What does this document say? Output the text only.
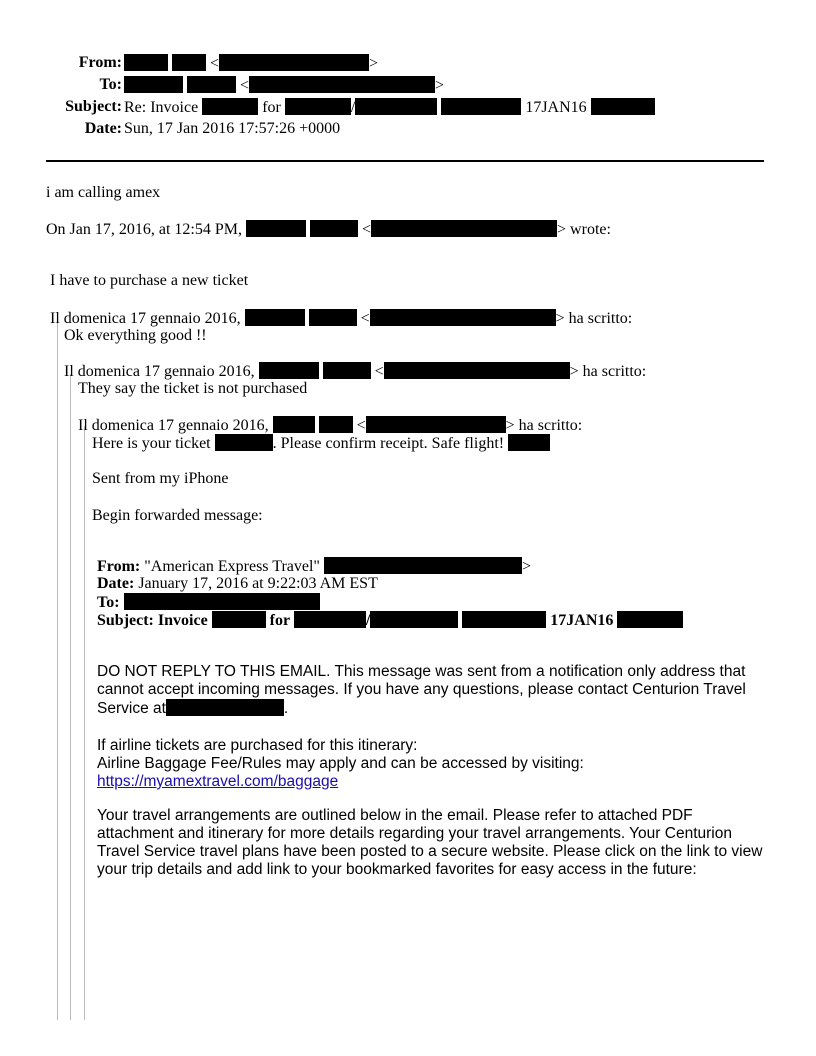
From:	<	>
To:	<	>
Subject: Re: Invoice	for	/	17JAN16
Date: Sun, 17 Jan 2016 17:57:26 +0000
i am calling amex
On Jan 17, 2016, at 12:54 PM,	<	> wrote:
I have to purchase a new ticket
Il domenica 17 gennaio 2016,	<	> ha scritto:
Ok everything good !!
Il domenica 17 gennaio 2016,	<	> ha scritto:
They say the ticket is not purchased
Il domenica 17 gennaio 2016,	<	> ha scritto:
Here is your ticket	. Please confirm receipt. Safe flight!
Sent from my iPhone
Begin forwarded message:
From: "American Express Travel"	>
Date: January 17, 2016 at 9:22:03 AM EST
To:
Subject: Invoice	for	/	17JAN16
DO NOT REPLY TO THIS EMAIL. This message was sent from a notification only address that cannot accept incoming messages. If you have any questions, please contact Centurion Travel Service at	.
If airline tickets are purchased for this itinerary:
Airline Baggage Fee/Rules may apply and can be accessed by visiting:
https://myamextravel.com/baggage
Your travel arrangements are outlined below in the email. Please refer to attached PDF attachment and itinerary for more details regarding your travel arrangements. Your Centurion Travel Service travel plans have been posted to a secure website. Please click on the link to view your trip details and add link to your bookmarked favorites for easy access in the future:
